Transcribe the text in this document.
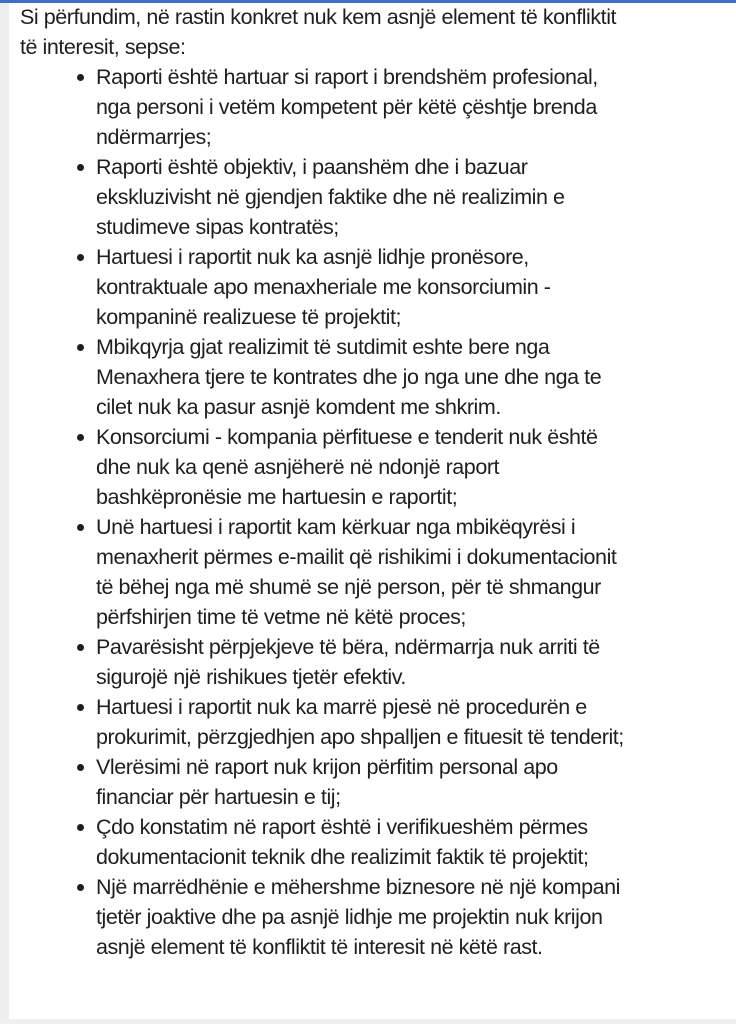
Si përfundim, në rastin konkret nuk kem asnjë element të konfliktit
të interesit, sepse:

Raporti është hartuar si raport i brendshëm profesional,
nga personi i vetëm kompetent për këtë çështje brenda
ndërmarrjes;
Raporti është objektiv, i paanshëm dhe i bazuar
ekskluzivisht në gjendjen faktike dhe në realizimin e
studimeve sipas kontratës;
Hartuesi i raportit nuk ka asnjë lidhje pronësore,
kontraktuale apo menaxheriale me konsorciumin -
kompaninë realizuese të projektit;
Mbikqyrja gjat realizimit të sutdimit eshte bere nga
Menaxhera tjere te kontrates dhe jo nga une dhe nga te
cilet nuk ka pasur asnjë komdent me shkrim.
Konsorciumi - kompania përfituese e tenderit nuk është
dhe nuk ka qenë asnjëherë në ndonjë raport
bashkëpronësie me hartuesin e raportit;
Unë hartuesi i raportit kam kërkuar nga mbikëqyrësi i
menaxherit përmes e-mailit që rishikimi i dokumentacionit
të bëhej nga më shumë se një person, për të shmangur
përfshirjen time të vetme në këtë proces;
Pavarësisht përpjekjeve të bëra, ndërmarrja nuk arriti të
sigurojë një rishikues tjetër efektiv.
Hartuesi i raportit nuk ka marrë pjesë në procedurën e
prokurimit, përzgjedhjen apo shpalljen e fituesit të tenderit;
Vlerësimi në raport nuk krijon përfitim personal apo
financiar për hartuesin e tij;
Çdo konstatim në raport është i verifikueshëm përmes
dokumentacionit teknik dhe realizimit faktik të projektit;
Një marrëdhënie e mëhershme biznesore në një kompani
tjetër joaktive dhe pa asnjë lidhje me projektin nuk krijon
asnjë element të konfliktit të interesit në këtë rast.
